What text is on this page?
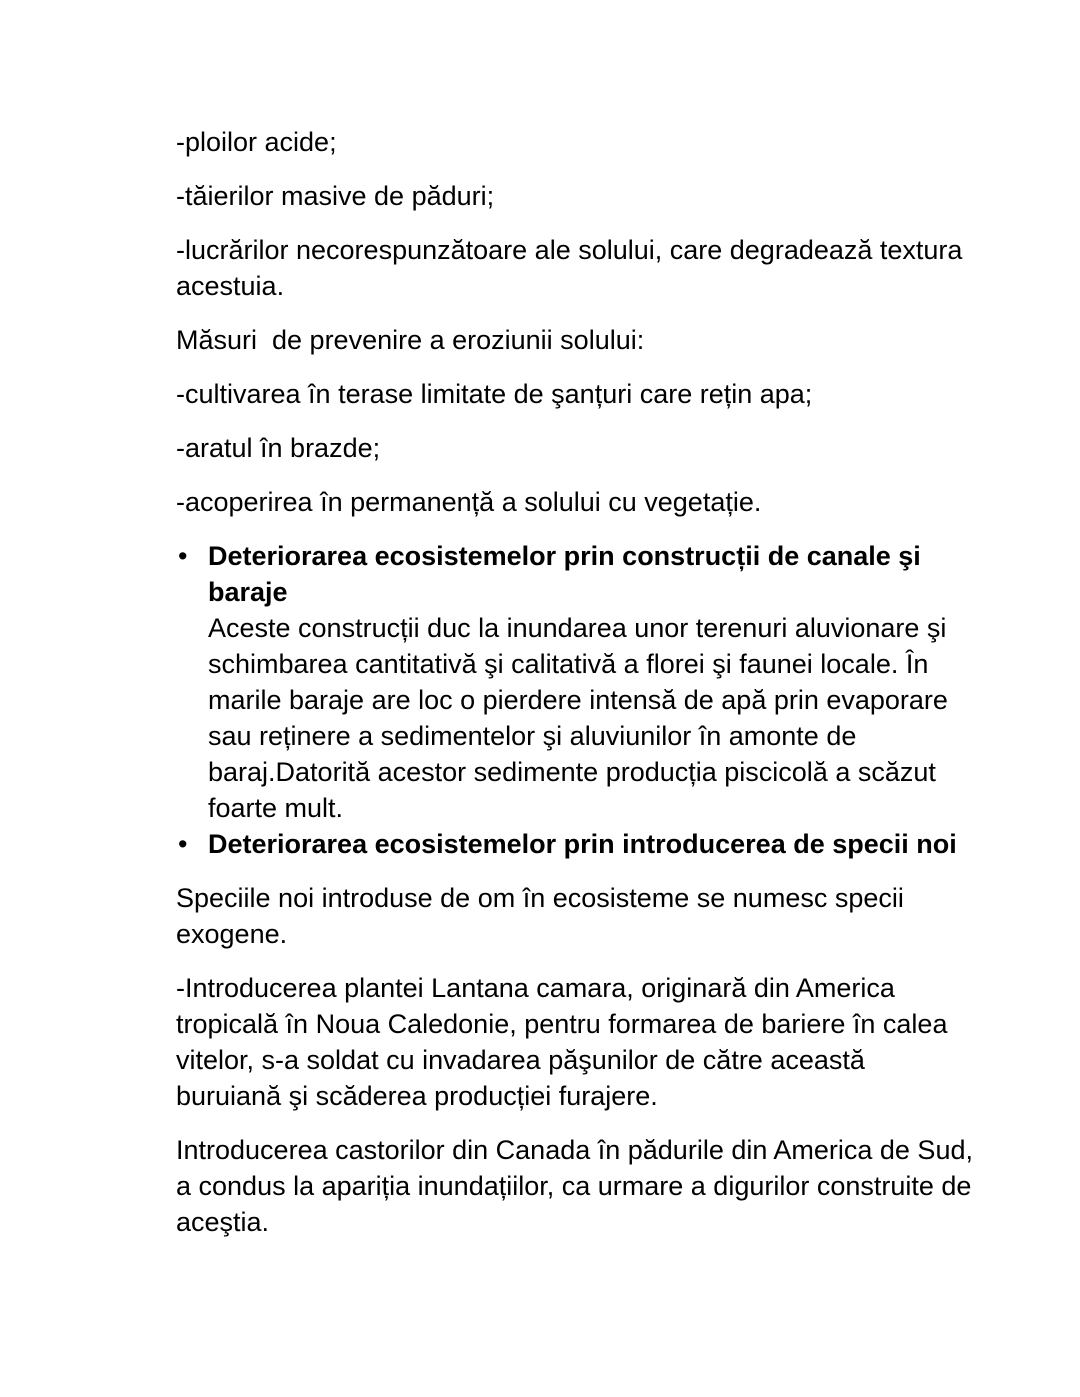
-ploilor acide;

-tăierilor masive de păduri;

-lucrărilor necorespunzătoare ale solului, care degradează textura acestuia.

Măsuri  de prevenire a eroziunii solului:

-cultivarea în terase limitate de şanțuri care rețin apa;

-aratul în brazde;

-acoperirea în permanență a solului cu vegetație.

• Deteriorarea ecosistemelor prin construcții de canale şi baraje
Aceste construcții duc la inundarea unor terenuri aluvionare şi schimbarea cantitativă şi calitativă a florei şi faunei locale. În marile baraje are loc o pierdere intensă de apă prin evaporare sau reținere a sedimentelor şi aluviunilor în amonte de baraj.Datorită acestor sedimente producția piscicolă a scăzut foarte mult.
• Deteriorarea ecosistemelor prin introducerea de specii noi

Speciile noi introduse de om în ecosisteme se numesc specii exogene.

-Introducerea plantei Lantana camara, originară din America tropicală în Noua Caledonie, pentru formarea de bariere în calea vitelor, s-a soldat cu invadarea păşunilor de către această buruiană şi scăderea producției furajere.

Introducerea castorilor din Canada în pădurile din America de Sud, a condus la apariția inundațiilor, ca urmare a digurilor construite de aceştia.
